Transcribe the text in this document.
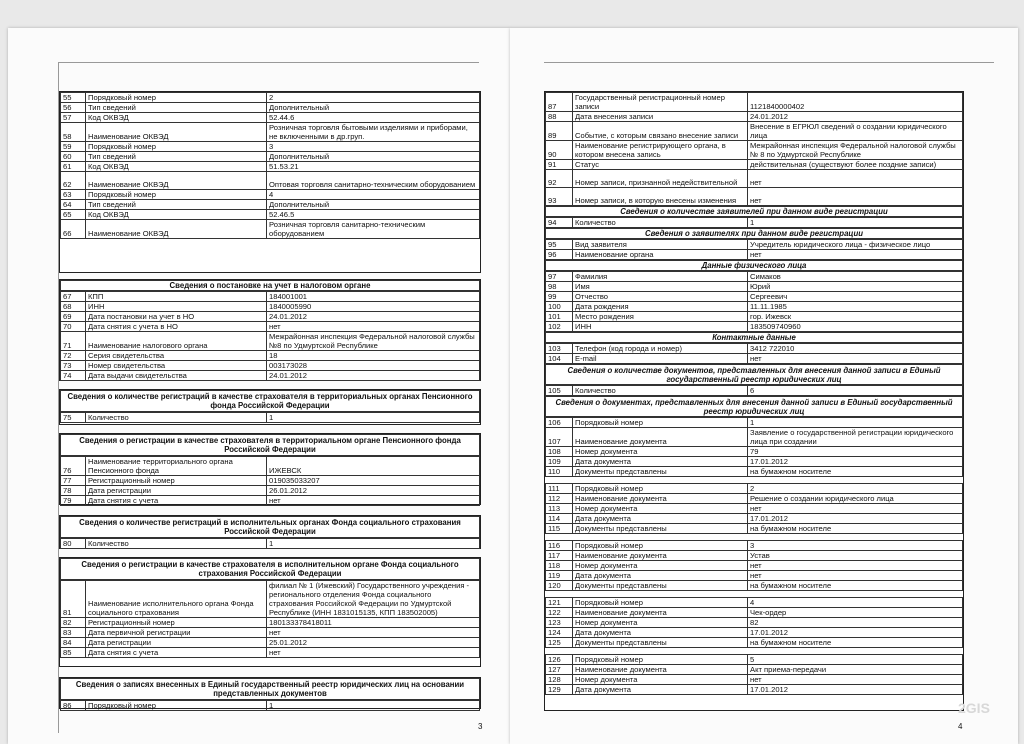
55	Порядковый номер	2
56	Тип сведений	Дополнительный
57	Код ОКВЭД	52.44.6
58	Наименование ОКВЭД	Розничная торговля бытовыми изделиями и приборами, не включенными в др.груп.
59	Порядковый номер	3
60	Тип сведений	Дополнительный
61	Код ОКВЭД	51.53.21
62	Наименование ОКВЭД	Оптовая торговля санитарно-техническим оборудованием
63	Порядковый номер	4
64	Тип сведений	Дополнительный
65	Код ОКВЭД	52.46.5
66	Наименование ОКВЭД	Розничная торговля санитарно-техническим оборудованием
Сведения о постановке на учет в налоговом органе
67	КПП	184001001
68	ИНН	1840005990
69	Дата постановки на учет в НО	24.01.2012
70	Дата снятия с учета в НО	нет
71	Наименование налогового органа	Межрайонная инспекция Федеральной налоговой службы №8 по Удмуртской Республике
72	Серия свидетельства	18
73	Номер свидетельства	003173028
74	Дата выдачи свидетельства	24.01.2012
Сведения о количестве регистраций в качестве страхователя в территориальных органах Пенсионного фонда Российской Федерации
75	Количество	1
Сведения о регистрации в качестве страхователя в территориальном органе Пенсионного фонда Российской Федерации
76	Наименование территориального органа Пенсионного фонда	ИЖЕВСК
77	Регистрационный номер	019035033207
78	Дата регистрации	26.01.2012
79	Дата снятия с учета	нет
Сведения о количестве регистраций в исполнительных органах Фонда социального страхования Российской Федерации
80	Количество	1
Сведения о регистрации в качестве страхователя в исполнительном органе Фонда социального страхования Российской Федерации
81	Наименование исполнительного органа Фонда социального страхования	филиал № 1 (Ижевский) Государственного учреждения - регионального отделения Фонда социального страхования Российской Федерации по Удмуртской Республике (ИНН 1831015135, КПП 183502005)
82	Регистрационный номер	180133378418011
83	Дата первичной регистрации	нет
84	Дата регистрации	25.01.2012
85	Дата снятия с учета	нет
Сведения о записях внесенных в Единый государственный реестр юридических лиц на основании представленных документов
86	Порядковый номер	1
3
87	Государственный регистрационный номер записи	1121840000402
88	Дата внесения записи	24.01.2012
89	Событие, с которым связано внесение записи	Внесение в ЕГРЮЛ сведений о создании юридического лица
90	Наименование регистрирующего органа, в котором внесена запись	Межрайонная инспекция Федеральной налоговой службы № 8 по Удмуртской Республике
91	Статус	действительная (существуют более поздние записи)
92	Номер записи, признанной недействительной	нет
93	Номер записи, в которую внесены изменения	нет
Сведения о количестве заявителей при данном виде регистрации
94	Количество	1
Сведения о заявителях при данном виде регистрации
95	Вид заявителя	Учредитель юридического лица - физическое лицо
96	Наименование органа	нет
Данные физического лица
97	Фамилия	Симаков
98	Имя	Юрий
99	Отчество	Сергеевич
100	Дата рождения	11.11.1985
101	Место рождения	гор. Ижевск
102	ИНН	183509740960
Контактные данные
103	Телефон (код города и номер)	3412 722010
104	E-mail	нет
Сведения о количестве документов, представленных для внесения данной записи в Единый государственный реестр юридических лиц
105	Количество	6
Сведения о документах, представленных для внесения данной записи в Единый государственный реестр юридических лиц
106	Порядковый номер	1
107	Наименование документа	Заявление о государственной регистрации юридического лица при создании
108	Номер документа	79
109	Дата документа	17.01.2012
110	Документы представлены	на бумажном носителе
111	Порядковый номер	2
112	Наименование документа	Решение о создании юридического лица
113	Номер документа	нет
114	Дата документа	17.01.2012
115	Документы представлены	на бумажном носителе
116	Порядковый номер	3
117	Наименование документа	Устав
118	Номер документа	нет
119	Дата документа	нет
120	Документы представлены	на бумажном носителе
121	Порядковый номер	4
122	Наименование документа	Чек-ордер
123	Номер документа	82
124	Дата документа	17.01.2012
125	Документы представлены	на бумажном носителе
126	Порядковый номер	5
127	Наименование документа	Акт приема-передачи
128	Номер документа	нет
129	Дата документа	17.01.2012
4
2GIS
